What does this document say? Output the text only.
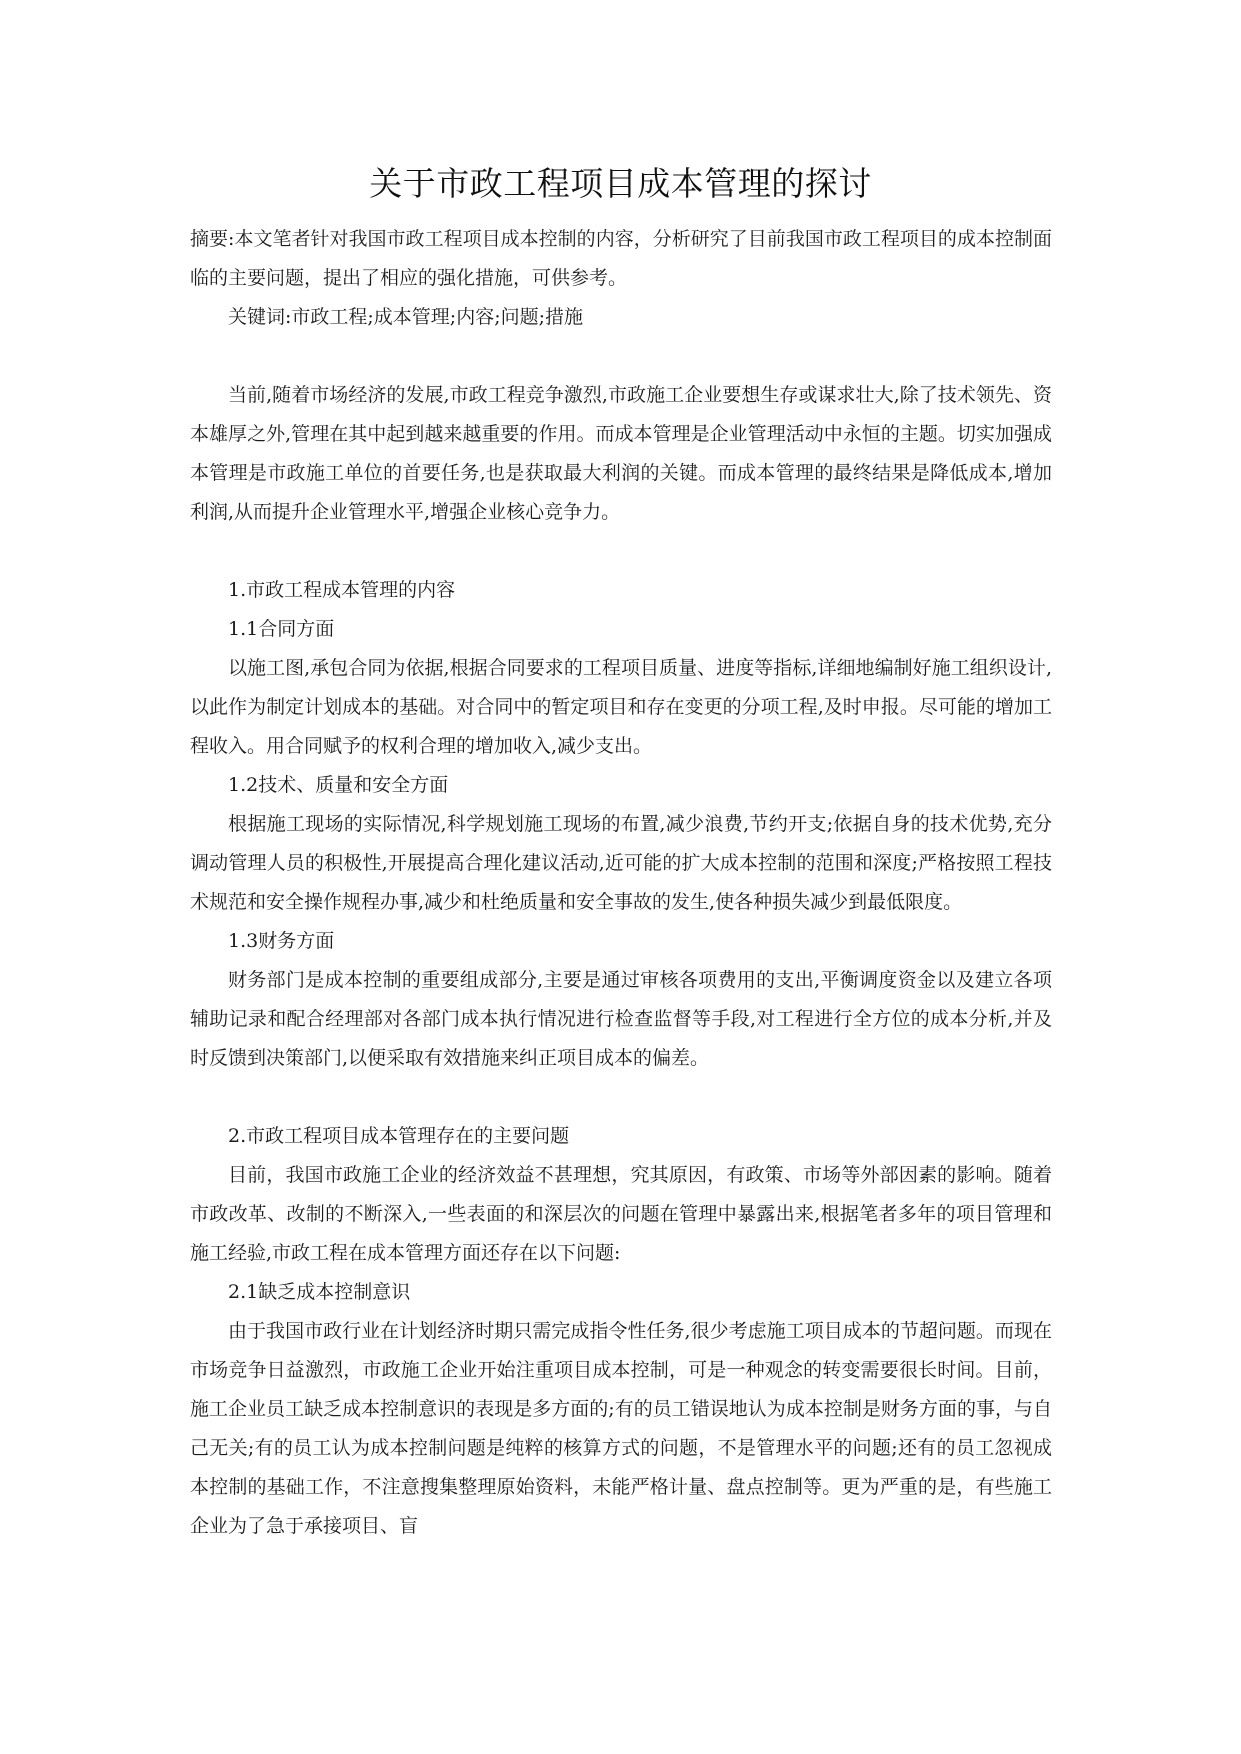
关于市政工程项目成本管理的探讨

摘要:本文笔者针对我国市政工程项目成本控制的内容，分析研究了目前我国市政工程项目的成本控制面临的主要问题，提出了相应的强化措施，可供参考。

关键词:市政工程;成本管理;内容;问题;措施

当前,随着市场经济的发展,市政工程竞争激烈,市政施工企业要想生存或谋求壮大,除了技术领先、资本雄厚之外,管理在其中起到越来越重要的作用。而成本管理是企业管理活动中永恒的主题。切实加强成本管理是市政施工单位的首要任务,也是获取最大利润的关键。而成本管理的最终结果是降低成本,增加利润,从而提升企业管理水平,增强企业核心竞争力。

1.市政工程成本管理的内容

1.1合同方面

以施工图,承包合同为依据,根据合同要求的工程项目质量、进度等指标,详细地编制好施工组织设计,以此作为制定计划成本的基础。对合同中的暂定项目和存在变更的分项工程,及时申报。尽可能的增加工程收入。用合同赋予的权利合理的增加收入,减少支出。

1.2技术、质量和安全方面

根据施工现场的实际情况,科学规划施工现场的布置,减少浪费,节约开支;依据自身的技术优势,充分调动管理人员的积极性,开展提高合理化建议活动,近可能的扩大成本控制的范围和深度;严格按照工程技术规范和安全操作规程办事,减少和杜绝质量和安全事故的发生,使各种损失减少到最低限度。

1.3财务方面

财务部门是成本控制的重要组成部分,主要是通过审核各项费用的支出,平衡调度资金以及建立各项辅助记录和配合经理部对各部门成本执行情况进行检查监督等手段,对工程进行全方位的成本分析,并及时反馈到决策部门,以便采取有效措施来纠正项目成本的偏差。

2.市政工程项目成本管理存在的主要问题

目前，我国市政施工企业的经济效益不甚理想，究其原因，有政策、市场等外部因素的影响。随着市政改革、改制的不断深入,一些表面的和深层次的问题在管理中暴露出来,根据笔者多年的项目管理和施工经验,市政工程在成本管理方面还存在以下问题:

2.1缺乏成本控制意识

由于我国市政行业在计划经济时期只需完成指令性任务,很少考虑施工项目成本的节超问题。而现在市场竞争日益激烈，市政施工企业开始注重项目成本控制，可是一种观念的转变需要很长时间。目前，施工企业员工缺乏成本控制意识的表现是多方面的;有的员工错误地认为成本控制是财务方面的事，与自己无关;有的员工认为成本控制问题是纯粹的核算方式的问题，不是管理水平的问题;还有的员工忽视成本控制的基础工作，不注意搜集整理原始资料，未能严格计量、盘点控制等。更为严重的是，有些施工企业为了急于承接项目、盲
